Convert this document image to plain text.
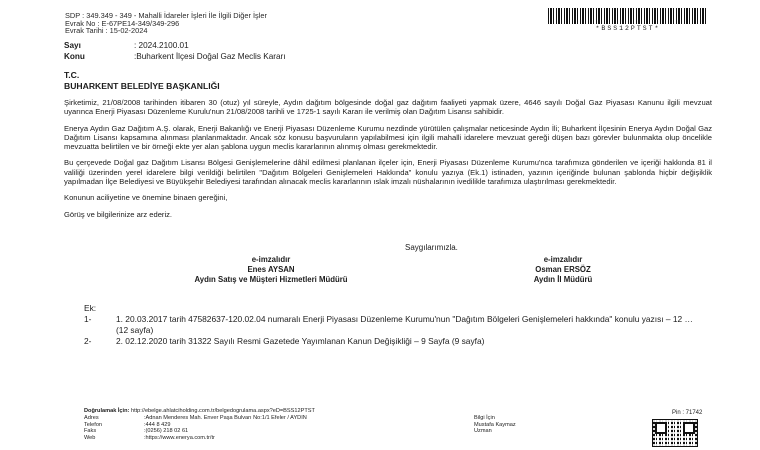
SDP : 349.349 - 349 - Mahalli İdareler İşleri İle İlgili Diğer İşler
Evrak No : E-67PE14-349/349-296
Evrak Tarihi : 15-02-2024	*BSS12PTST*
Sayı	: 2024.2100.01
Konu	:Buharkent İlçesi Doğal Gaz Meclis Kararı
T.C.
BUHARKENT BELEDİYE BAŞKANLIĞI

Şirketimiz, 21/08/2008 tarihinden itibaren 30 (otuz) yıl süreyle, Aydın dağıtım bölgesinde doğal gaz dağıtım faaliyeti yapmak üzere, 4646 sayılı Doğal Gaz Piyasası Kanunu ilgili mevzuat uyarınca Enerji Piyasası Düzenleme Kurulu'nun 21/08/2008 tarihli ve 1725-1 sayılı Kararı ile verilmiş olan Dağıtım Lisansı sahibidir.

Enerya Aydın Gaz Dağıtım A.Ş. olarak, Enerji Bakanlığı ve Enerji Piyasası Düzenleme Kurumu nezdinde yürütülen çalışmalar neticesinde Aydın İli; Buharkent İlçesinin Enerya Aydın Doğal Gaz Dağıtım Lisansı kapsamına alınması planlanmaktadır. Ancak söz konusu başvuruların yapılabilmesi için ilgili mahalli idarelere mevzuat gereği düşen bazı görevler bulunmakta olup öncelikle mevzuatta belirtilen ve bir örneği ekte yer alan şablona uygun meclis kararlarının alınmış olması gerekmektedir.

Bu çerçevede Doğal gaz Dağıtım Lisansı Bölgesi Genişlemelerine dâhil edilmesi planlanan ilçeler için, Enerji Piyasası Düzenleme Kurumu'nca tarafımıza gönderilen ve içeriği hakkında 81 il valiliği üzerinden yerel idarelere bilgi verildiği belirtilen "Dağıtım Bölgeleri Genişlemeleri Hakkında" konulu yazıya (Ek.1) istinaden, yazının içeriğinde bulunan şablonda hiçbir değişiklik yapılmadan İlçe Belediyesi ve Büyükşehir Belediyesi tarafından alınacak meclis kararlarının ıslak imzalı nüshalarının ivedilikle tarafımıza ulaştırılması gerekmektedir.

Konunun aciliyetine ve önemine binaen gereğini,

Görüş ve bilgilerinize arz ederiz.

Saygılarımızla.
e-imzalıdır
Enes AYSAN
Aydın Satış ve Müşteri Hizmetleri Müdürü
e-imzalıdır
Osman ERSÖZ
Aydın İl Müdürü
Ek:
1-	1. 20.03.2017 tarih 47582637-120.02.04 numaralı Enerji Piyasası Düzenleme Kurumu'nun "Dağıtım Bölgeleri Genişlemeleri hakkında" konulu yazısı – 12 … (12 sayfa)
2-	2. 02.12.2020 tarih 31322 Sayılı Resmi Gazetede Yayımlanan Kanun Değişikliği – 9 Sayfa (9 sayfa)
Doğrulamak İçin: http://ebelge.ahlatciholding.com.tr/belgedogrulama.aspx?eD=BSS12PTST
Adres	:Adnan Menderes Mah. Enver Paşa Bulvarı No:1/1 Efeler / AYDIN	Bilgi İçin
Telefon	:444 8 429	Mustafa Kaymaz
Faks	:(0256) 218 02 61	Uzman
Web	:https://www.enerya.com.tr/tr
Pin : 71742
